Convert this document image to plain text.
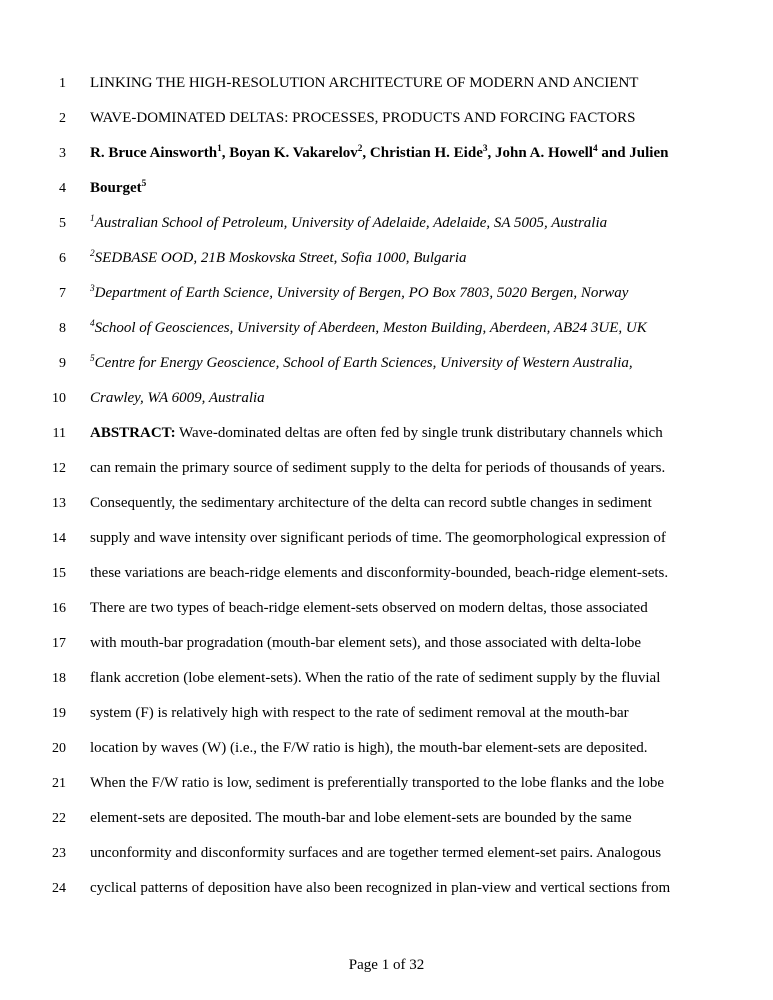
1 LINKING THE HIGH-RESOLUTION ARCHITECTURE OF MODERN AND ANCIENT
2 WAVE-DOMINATED DELTAS: PROCESSES, PRODUCTS AND FORCING FACTORS
3 R. Bruce Ainsworth$^1$, Boyan K. Vakarelov$^2$, Christian H. Eide$^3$, John A. Howell$^4$ and Julien
4 Bourget$^5$
5	$^1$Australian School of Petroleum, University of Adelaide, Adelaide, SA 5005, Australia
6	$^2$SEDBASE OOD, 21B Moskovska Street, Sofia 1000, Bulgaria
7	$^3$Department of Earth Science, University of Bergen, PO Box 7803, 5020 Bergen, Norway
8	$^4$School of Geosciences, University of Aberdeen, Meston Building, Aberdeen, AB24 3UE, UK
9	$^5$Centre for Energy Geoscience, School of Earth Sciences, University of Western Australia,
10 Crawley, WA 6009, Australia
11 ABSTRACT: Wave-dominated deltas are often fed by single trunk distributary channels which
12 can remain the primary source of sediment supply to the delta for periods of thousands of years.
13 Consequently, the sedimentary architecture of the delta can record subtle changes in sediment
14 supply and wave intensity over significant periods of time. The geomorphological expression of
15 these variations are beach-ridge elements and disconformity-bounded, beach-ridge element-sets.
16 There are two types of beach-ridge element-sets observed on modern deltas, those associated
17 with mouth-bar progradation (mouth-bar element sets), and those associated with delta-lobe
18 flank accretion (lobe element-sets). When the ratio of the rate of sediment supply by the fluvial
19 system (F) is relatively high with respect to the rate of sediment removal at the mouth-bar
20 location by waves (W) (i.e., the F/W ratio is high), the mouth-bar element-sets are deposited.
21 When the F/W ratio is low, sediment is preferentially transported to the lobe flanks and the lobe
22 element-sets are deposited. The mouth-bar and lobe element-sets are bounded by the same
23 unconformity and disconformity surfaces and are together termed element-set pairs. Analogous
24 cyclical patterns of deposition have also been recognized in plan-view and vertical sections from
Page 1 of 32
